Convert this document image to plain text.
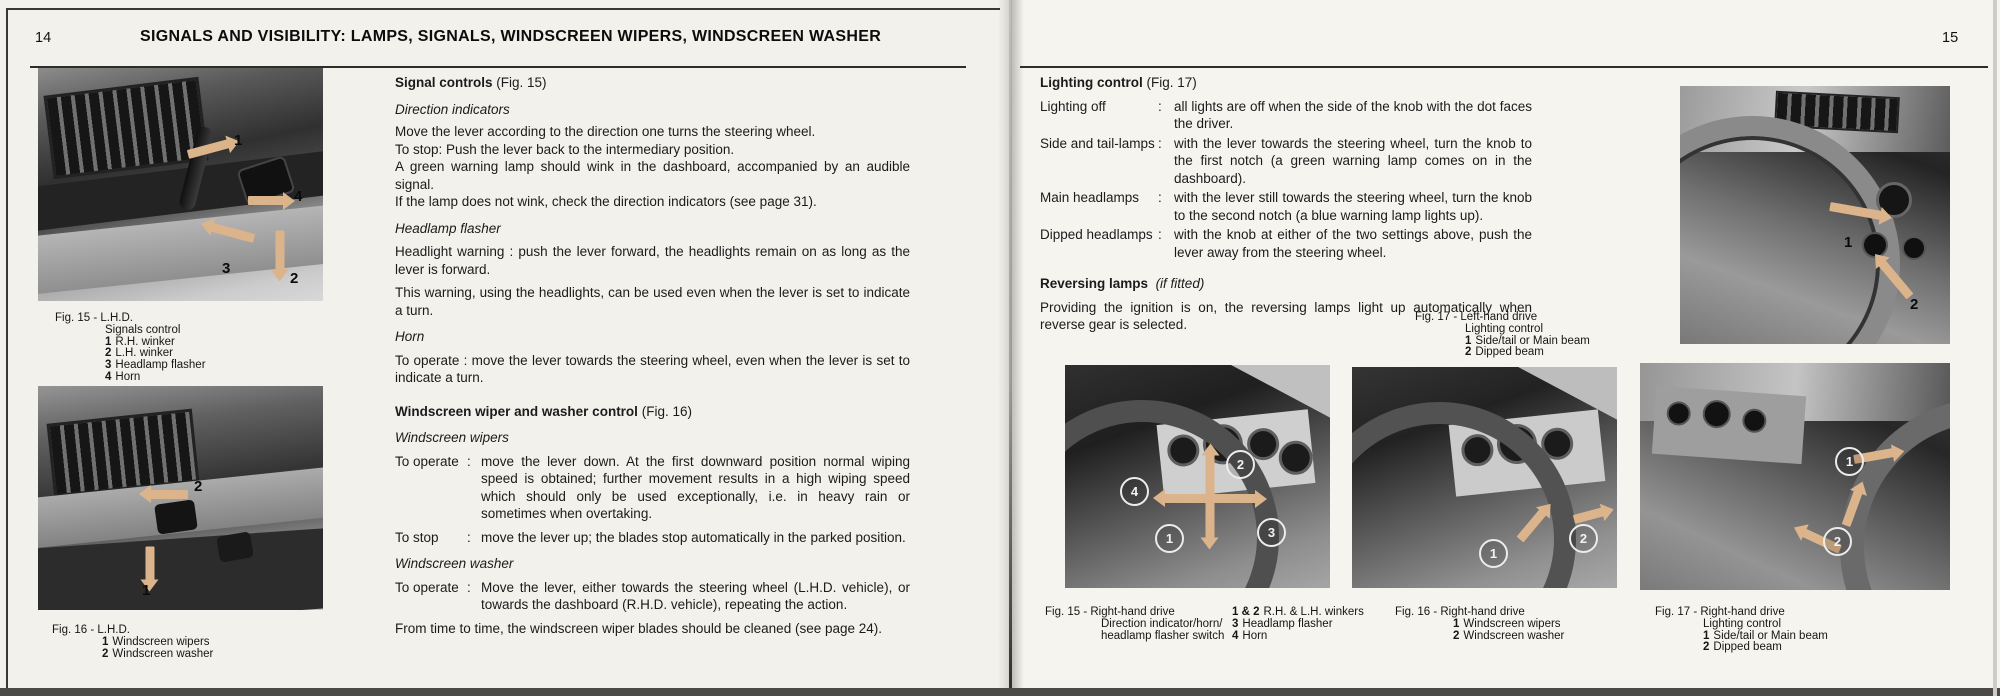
14	SIGNALS AND VISIBILITY: LAMPS, SIGNALS, WINDSCREEN WIPERS, WINDSCREEN WASHER
1
4
3
2
Fig. 15 - L.H.D.
Signals control
1 R.H. winker
2 L.H. winker
3 Headlamp flasher
4 Horn
2
1
Fig. 16 - L.H.D.
1 Windscreen wipers
2 Windscreen washer
Signal controls (Fig. 15)
Direction indicators
Move the lever according to the direction one turns the steering wheel.
To stop: Push the lever back to the intermediary position.
A green warning lamp should wink in the dashboard, accompanied by an audible signal.
If the lamp does not wink, check the direction indicators (see page 31).
Headlamp flasher
Headlight warning : push the lever forward, the headlights remain on as long as the lever is forward.
This warning, using the headlights, can be used even when the lever is set to indicate a turn.
Horn
To operate : move the lever towards the steering wheel, even when the lever is set to indicate a turn.
Windscreen wiper and washer control (Fig. 16)
Windscreen wipers
To operate : move the lever down. At the first downward position normal wiping speed is obtained; further movement results in a high wiping speed which should only be used exceptionally, i.e. in heavy rain or sometimes when overtaking.
To stop	: move the lever up; the blades stop automatically in the parked position.
Windscreen washer
To operate : Move the lever, either towards the steering wheel (L.H.D. vehicle), or towards the dashboard (R.H.D. vehicle), repeating the action.
From time to time, the windscreen wiper blades should be cleaned (see page 24).
15
Lighting control (Fig. 17)
Lighting off	: all lights are off when the side of the knob with the dot faces the driver.
Side and tail-lamps : with the lever towards the steering wheel, turn the knob to the first notch (a green warning lamp comes on in the dashboard).
Main headlamps	: with the lever still towards the steering wheel, turn the knob to the second notch (a blue warning lamp lights up).
Dipped headlamps : with the knob at either of the two settings above, push the lever away from the steering wheel.
Reversing lamps (if fitted)
Providing the ignition is on, the reversing lamps light up automatically when reverse gear is selected.	Fig. 17 - Left-hand drive
Lighting control
1 Side/tail or Main beam
2 Dipped beam
1
2
2
4
1	3
1
2
1
2
Fig. 15 - Right-hand drive
Direction indicator/horn/
headlamp flasher switch
1 & 2 R.H. & L.H. winkers
3 Headlamp flasher
4 Horn
Fig. 16 - Right-hand drive
1 Windscreen wipers
2 Windscreen washer
Fig. 17 - Right-hand drive
Lighting control
1 Side/tail or Main beam
2 Dipped beam
